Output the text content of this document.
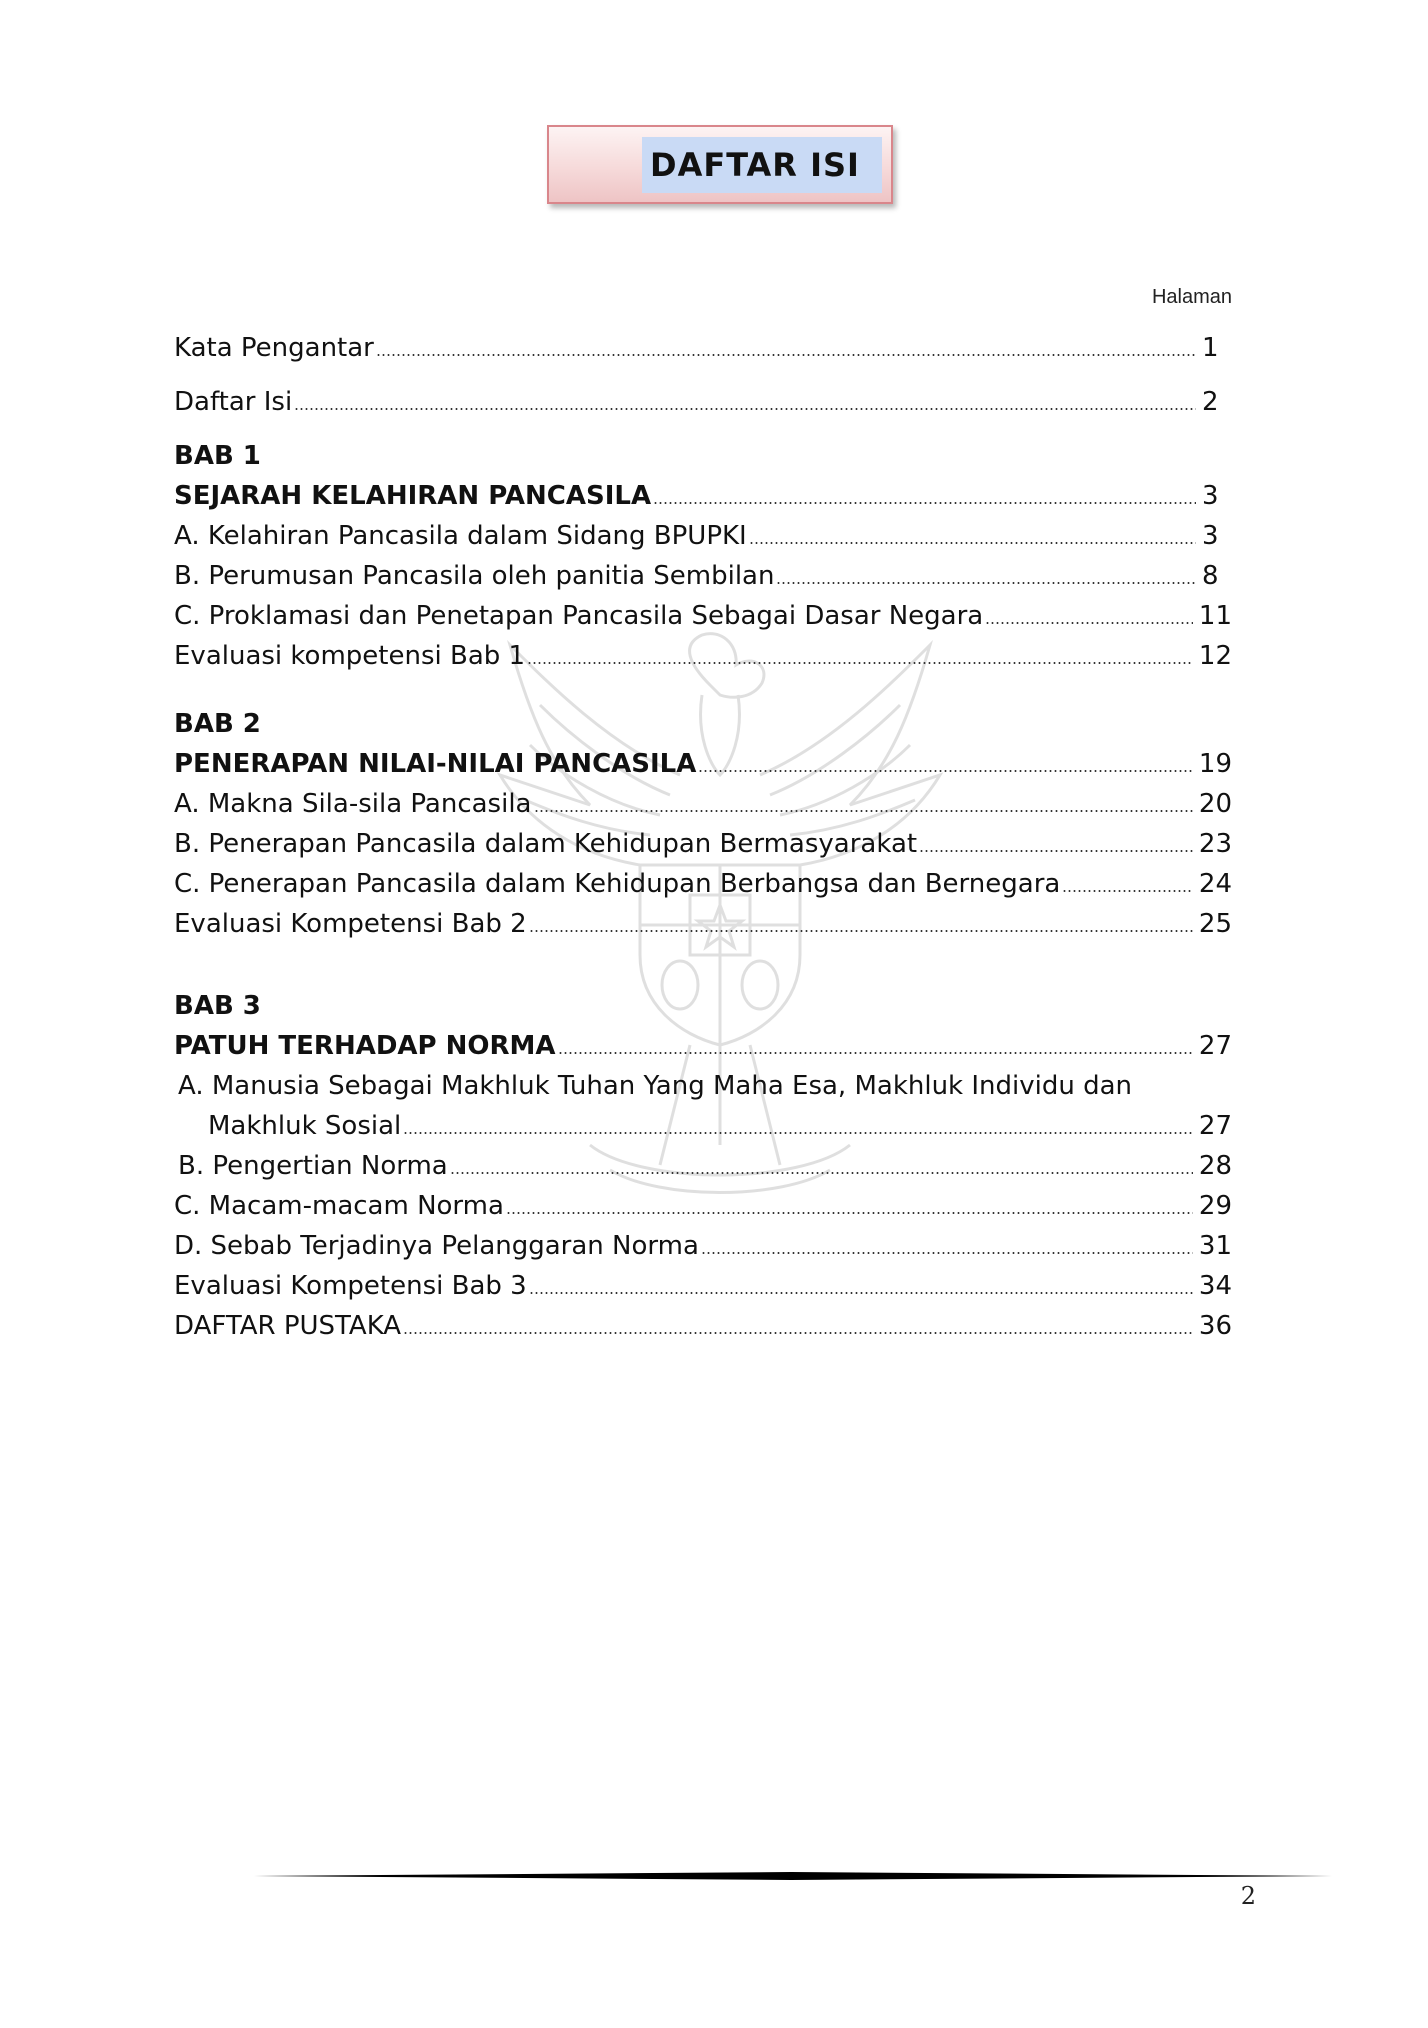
DAFTAR ISI
Halaman
Kata Pengantar	1
Daftar Isi	2
BAB 1
SEJARAH KELAHIRAN PANCASILA	3
A. Kelahiran Pancasila dalam Sidang BPUPKI	3
B. Perumusan Pancasila oleh panitia Sembilan	8
C. Proklamasi dan Penetapan Pancasila Sebagai Dasar Negara	11
Evaluasi kompetensi Bab 1	12
BAB 2
PENERAPAN NILAI-NILAI PANCASILA	19
A. Makna Sila-sila Pancasila	20
B. Penerapan Pancasila dalam Kehidupan Bermasyarakat	23
C. Penerapan Pancasila dalam Kehidupan Berbangsa dan Bernegara	24
Evaluasi Kompetensi Bab 2	25
BAB 3
PATUH TERHADAP NORMA	27
A. Manusia Sebagai Makhluk Tuhan Yang Maha Esa, Makhluk Individu dan
Makhluk Sosial	27
B. Pengertian Norma	28
C. Macam-macam Norma	29
D. Sebab Terjadinya Pelanggaran Norma	31
Evaluasi Kompetensi Bab 3	34
DAFTAR PUSTAKA	36
2
